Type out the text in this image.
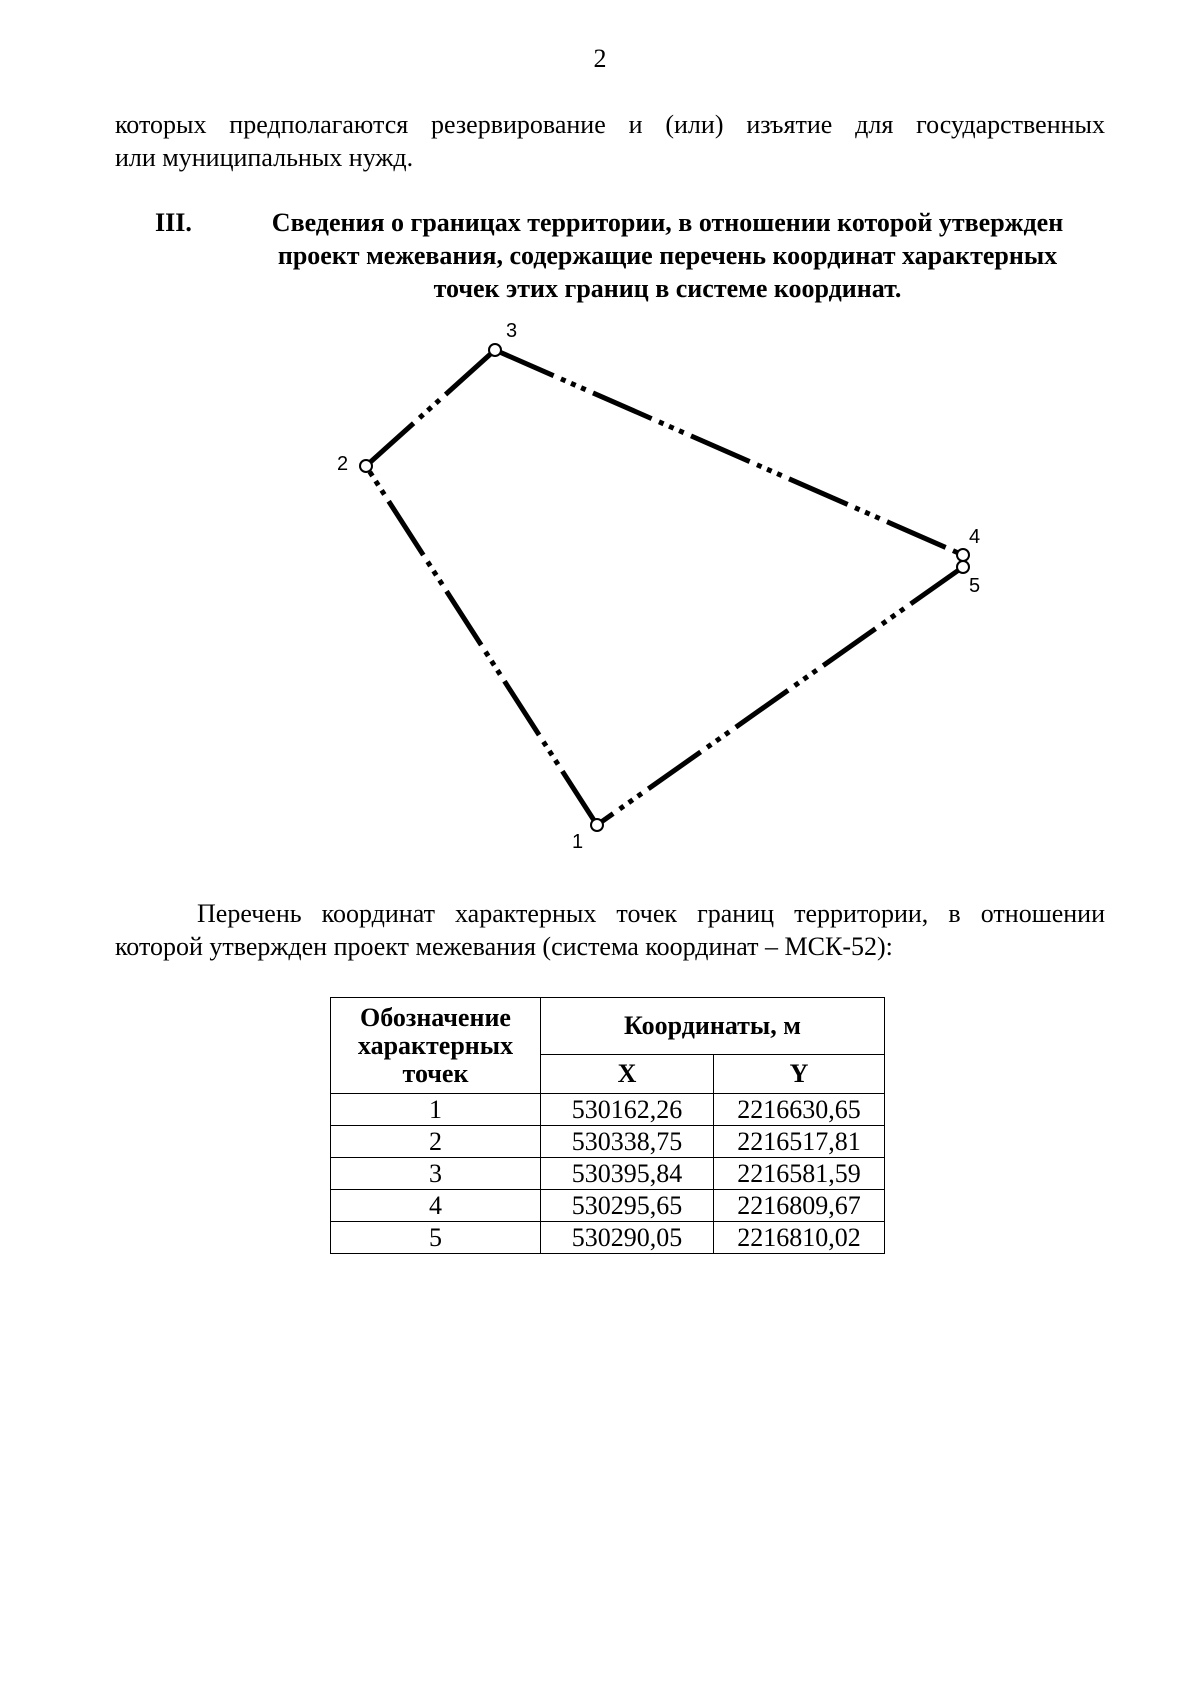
2
которых предполагаются резервирование и (или) изъятие для государственных
или муниципальных нужд.
III.	Сведения о границах территории, в отношении которой утвержден
проект межевания, содержащие перечень координат характерных
точек этих границ в системе координат.
1
2
3
4
5
Перечень координат характерных точек границ территории, в отношении
которой утвержден проект межевания (система координат – МСК-52):
Обозначение
характерных
точек	Координаты, м	
	X	Y
1	530162,26	2216630,65
2	530338,75	2216517,81
3	530395,84	2216581,59
4	530295,65	2216809,67
5	530290,05	2216810,02
